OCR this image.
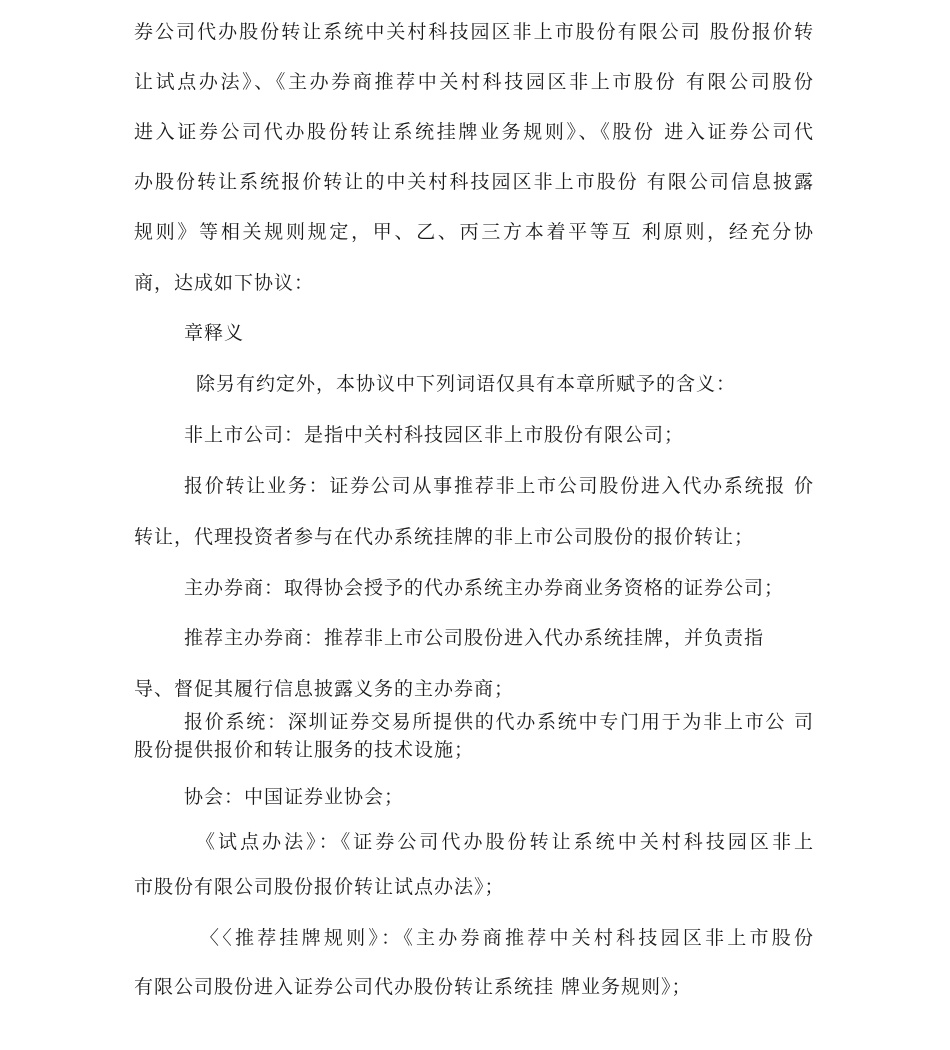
券公司代办股份转让系统中关村科技园区非上市股份有限公司 股份报价转
让试点办法》、《主办券商推荐中关村科技园区非上市股份 有限公司股份
进入证券公司代办股份转让系统挂牌业务规则》、《股份 进入证券公司代
办股份转让系统报价转让的中关村科技园区非上市股份 有限公司信息披露
规则》等相关规则规定，甲、乙、丙三方本着平等互 利原则，经充分协
商，达成如下协议：
章释义
除另有约定外，本协议中下列词语仅具有本章所赋予的含义：
非上市公司：是指中关村科技园区非上市股份有限公司；
报价转让业务：证券公司从事推荐非上市公司股份进入代办系统报 价
转让，代理投资者参与在代办系统挂牌的非上市公司股份的报价转让；
主办券商：取得协会授予的代办系统主办券商业务资格的证券公司；
推荐主办券商：推荐非上市公司股份进入代办系统挂牌，并负责指
导、督促其履行信息披露义务的主办券商；
报价系统：深圳证券交易所提供的代办系统中专门用于为非上市公 司
股份提供报价和转让服务的技术设施；
协会：中国证券业协会；
《试点办法》：《证券公司代办股份转让系统中关村科技园区非上
市股份有限公司股份报价转让试点办法》；
〈〈推荐挂牌规则》：《主办券商推荐中关村科技园区非上市股份
有限公司股份进入证券公司代办股份转让系统挂 牌业务规则》；
